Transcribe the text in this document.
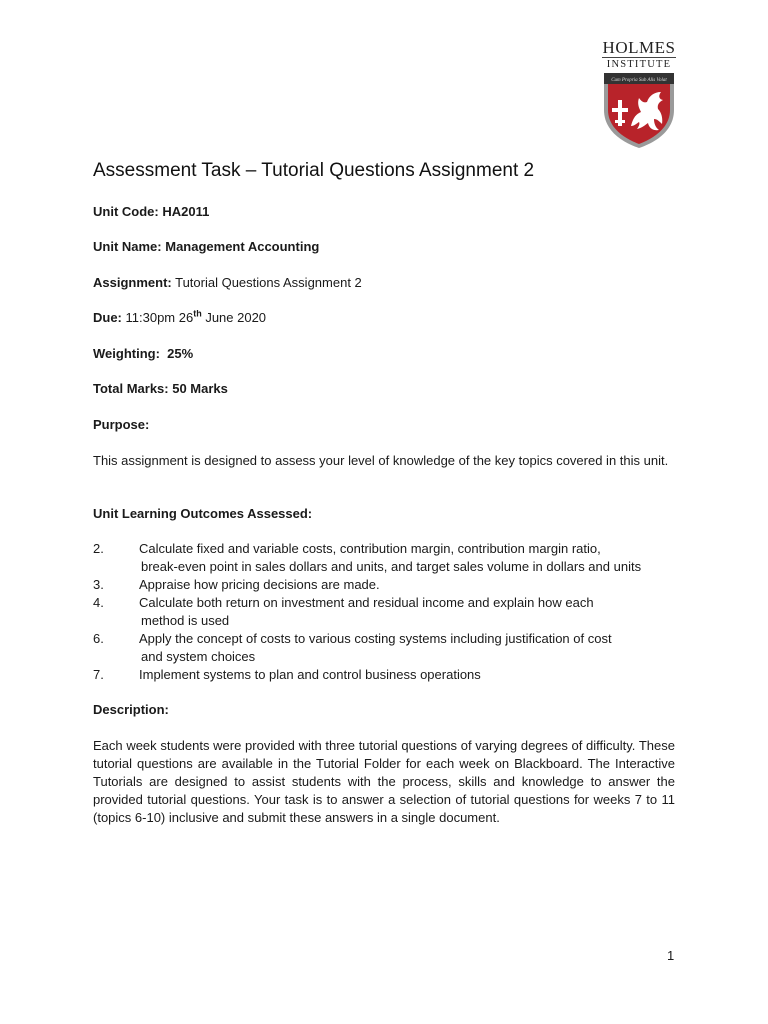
HOLMES
INSTITUTE
Cum Propria Sub Alis Volat
Assessment Task – Tutorial Questions Assignment 2
Unit Code: HA2011
Unit Name: Management Accounting
Assignment: Tutorial Questions Assignment 2
Due: 11:30pm 26th June 2020
Weighting:  25%
Total Marks: 50 Marks
Purpose:
This assignment is designed to assess your level of knowledge of the key topics covered in this unit.
Unit Learning Outcomes Assessed:
2.	Calculate fixed and variable costs, contribution margin, contribution margin ratio,
break-even point in sales dollars and units, and target sales volume in dollars and units
3.	Appraise how pricing decisions are made.
4.	Calculate both return on investment and residual income and explain how each
method is used
6.	Apply the concept of costs to various costing systems including justification of cost
and system choices
7.	Implement systems to plan and control business operations
Description:
Each week students were provided with three tutorial questions of varying degrees of difficulty. These tutorial questions are available in the Tutorial Folder for each week on Blackboard. The Interactive Tutorials are designed to assist students with the process, skills and knowledge to answer the provided tutorial questions. Your task is to answer a selection of tutorial questions for weeks 7 to 11 (topics 6-10) inclusive and submit these answers in a single document.
1
